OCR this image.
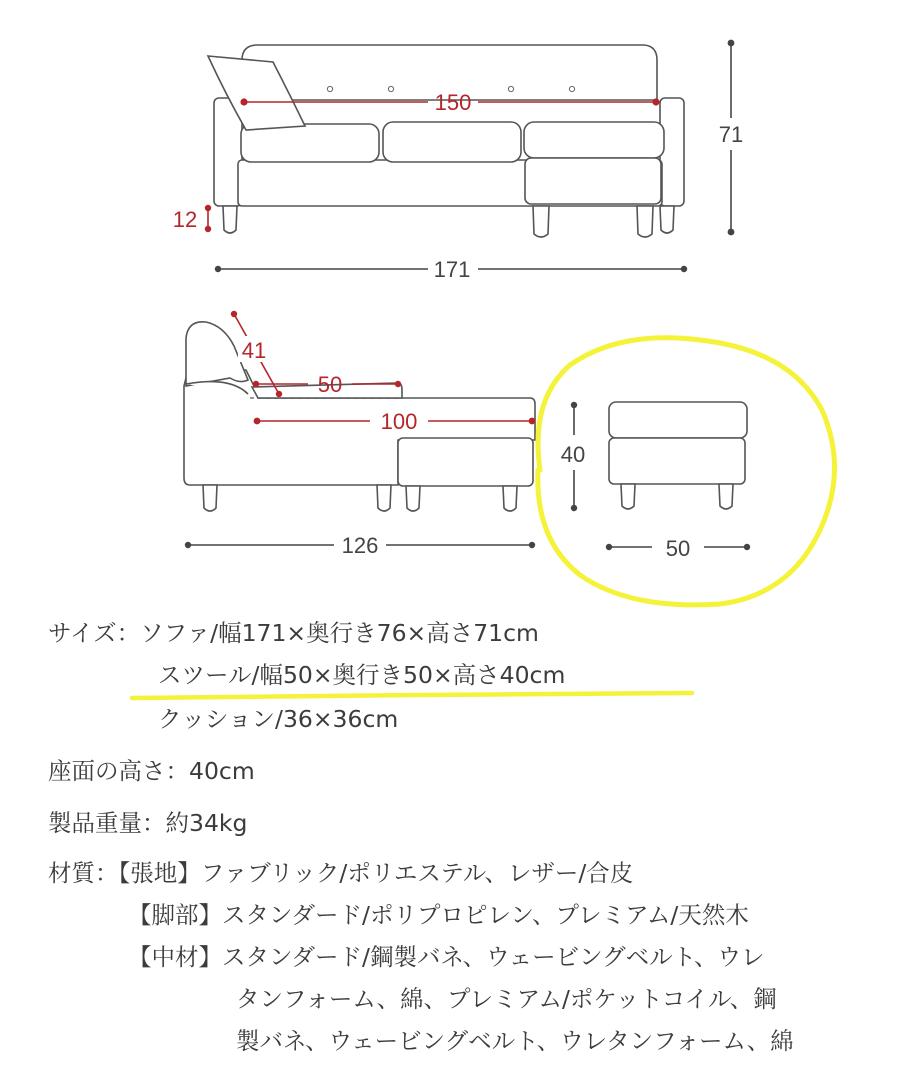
150
71
12
171
41
50
100
126
40
50
サイズ：ソファ/幅171×奥行き76×高さ71cm
スツール/幅50×奥行き50×高さ40cm
クッション/36×36cm
座面の高さ：40cm
製品重量：約34kg
材質：【張地】ファブリック/ポリエステル、レザー/合皮
【脚部】スタンダード/ポリプロピレン、プレミアム/天然木
【中材】スタンダード/鋼製バネ、ウェービングベルト、ウレ
タンフォーム、綿、プレミアム/ポケットコイル、鋼
製バネ、ウェービングベルト、ウレタンフォーム、綿
